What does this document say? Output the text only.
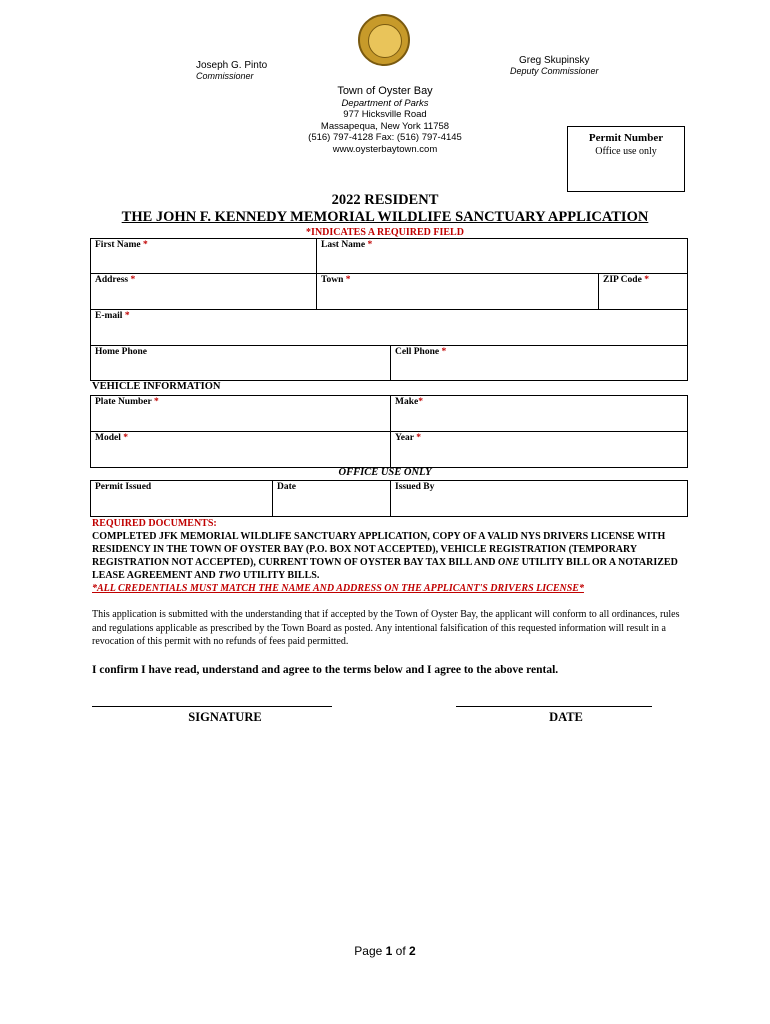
Joseph G. Pinto
Commissioner
Greg Skupinsky
Deputy Commissioner
Town of Oyster Bay
Department of Parks
977 Hicksville Road
Massapequa, New York 11758
(516) 797-4128 Fax: (516) 797-4145
www.oysterbaytown.com
Permit Number
Office use only
2022 RESIDENT
THE JOHN F. KENNEDY MEMORIAL WILDLIFE SANCTUARY APPLICATION
*INDICATES A REQUIRED FIELD
First Name *	Last Name *	
Address *	Town *	ZIP Code *
E-mail *		
Home Phone	Cell Phone *
VEHICLE INFORMATION
Plate Number *	Make*
Model *	Year *
OFFICE USE ONLY
Permit Issued	Date	Issued By
REQUIRED DOCUMENTS:
COMPLETED JFK MEMORIAL WILDLIFE SANCTUARY APPLICATION, COPY OF A VALID NYS DRIVERS LICENSE WITH RESIDENCY IN THE TOWN OF OYSTER BAY (P.O. BOX NOT ACCEPTED), VEHICLE REGISTRATION (TEMPORARY REGISTRATION NOT ACCEPTED), CURRENT TOWN OF OYSTER BAY TAX BILL AND ONE UTILITY BILL OR A NOTARIZED LEASE AGREEMENT AND TWO UTILITY BILLS.
*ALL CREDENTIALS MUST MATCH THE NAME AND ADDRESS ON THE APPLICANT'S DRIVERS LICENSE*
This application is submitted with the understanding that if accepted by the Town of Oyster Bay, the applicant will conform to all ordinances, rules and regulations applicable as prescribed by the Town Board as posted. Any intentional falsification of this requested information will result in a revocation of this permit with no refunds of fees paid permitted.
I confirm I have read, understand and agree to the terms below and I agree to the above rental.
SIGNATURE	DATE
Page 1 of 2
